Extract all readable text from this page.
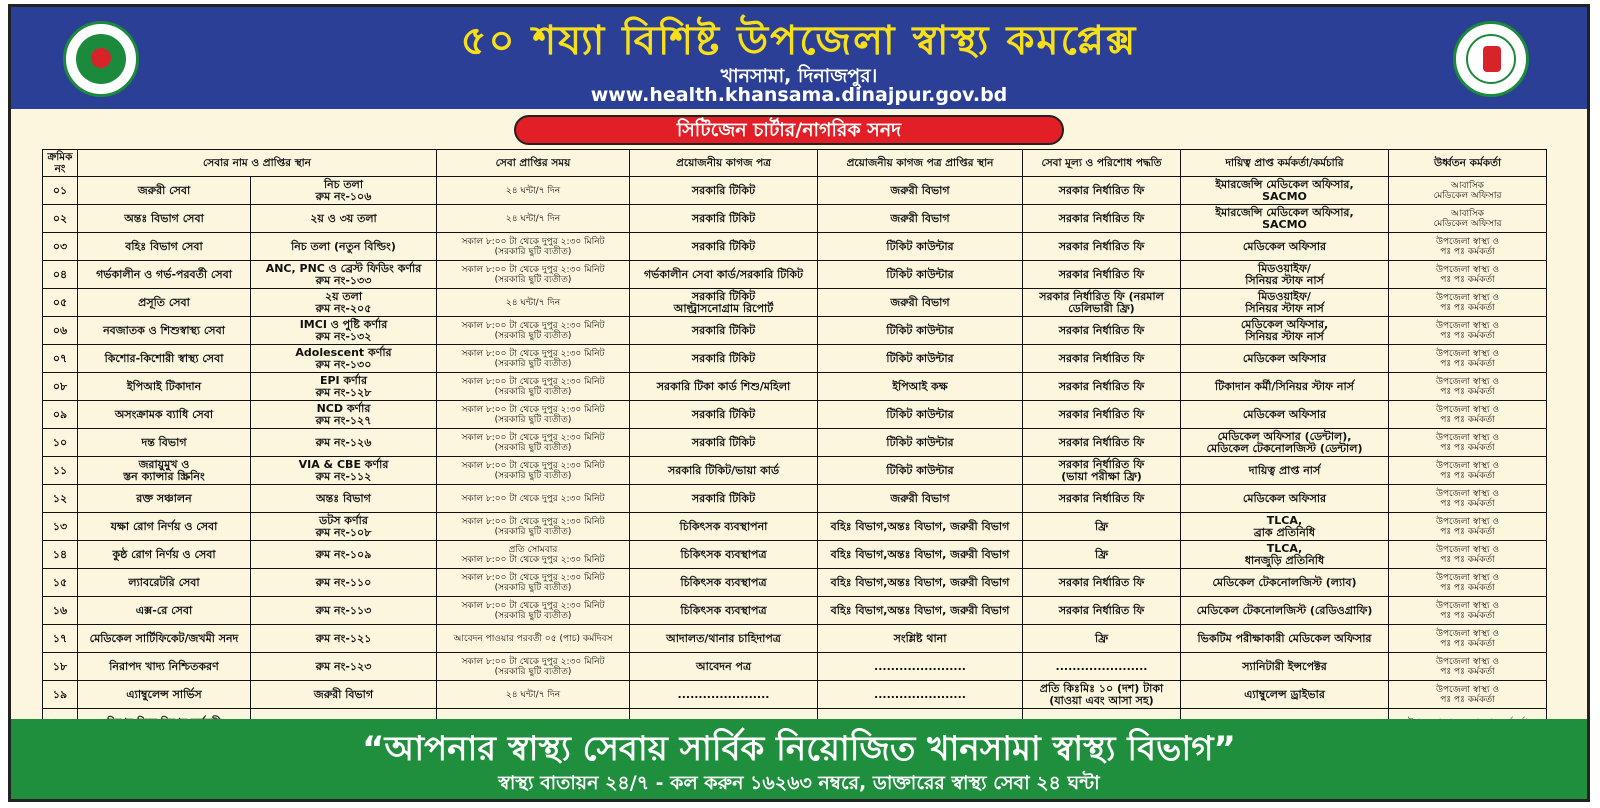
৫০ শয্যা বিশিষ্ট উপজেলা স্বাস্থ্য কমপ্লেক্স
খানসামা, দিনাজপুর।
www.health.khansama.dinajpur.gov.bd
সিটিজেন চার্টার/নাগরিক সনদ
ক্রমিক নং	সেবার নাম ও প্রাপ্তির স্থান		সেবা প্রাপ্তির সময়	প্রয়োজনীয় কাগজ পত্র	প্রয়োজনীয় কাগজ পত্র প্রাপ্তির স্থান	সেবা মূল্য ও পরিশোধ পদ্ধতি	দায়িত্ব প্রাপ্ত কর্মকর্তা/কর্মচারি	উর্ধ্বতন কর্মকর্তা
০১	জরুরী সেবা	নিচ তলা
রুম নং-১০৬	২৪ ঘন্টা/৭ দিন	সরকারি টিকিট	জরুরী বিভাগ	সরকার নির্ধারিত ফি	ইমারজেন্সি মেডিকেল অফিসার,
SACMO	আবাসিক
মেডিকেল অফিসার
০২	অন্তঃ বিভাগ সেবা	২য় ও ৩য় তলা	২৪ ঘন্টা/৭ দিন	সরকারি টিকিট	জরুরী বিভাগ	সরকার নির্ধারিত ফি	ইমারজেন্সি মেডিকেল অফিসার,
SACMO	আবাসিক
মেডিকেল অফিসার
০৩	বহিঃ বিভাগ সেবা	নিচ তলা (নতুন বিল্ডিং)	সকাল ৮:০০ টা থেকে দুপুর ২:৩০ মিনিট
(সরকারি ছুটি ব্যতীত)	সরকারি টিকিট	টিকিট কাউন্টার	সরকার নির্ধারিত ফি	মেডিকেল অফিসার	উপজেলা স্বাস্থ্য ও
পঃ পঃ কর্মকর্তা
০৪	গর্ভকালীন ও গর্ভ-পরবর্তী সেবা	ANC, PNC ও ব্রেস্ট ফিডিং কর্ণার
রুম নং-১৩৩	সকাল ৮:০০ টা থেকে দুপুর ২:৩০ মিনিট
(সরকারি ছুটি ব্যতীত)	গর্ভকালীন সেবা কার্ড/সরকারি টিকিট	টিকিট কাউন্টার	সরকার নির্ধারিত ফি	মিডওয়াইফ/
সিনিয়র স্টাফ নার্স	উপজেলা স্বাস্থ্য ও
পঃ পঃ কর্মকর্তা
০৫	প্রসূতি সেবা	২য় তলা
রুম নং-২০৫	২৪ ঘন্টা/৭ দিন	সরকারি টিকিট
আল্ট্রাসনোগ্রাম রিপোর্ট	জরুরী বিভাগ	সরকার নির্ধারিত ফি (নরমাল
ডেলিভারী ফ্রি)	মিডওয়াইফ/
সিনিয়র স্টাফ নার্স	উপজেলা স্বাস্থ্য ও
পঃ পঃ কর্মকর্তা
০৬	নবজাতক ও শিশুস্বাস্থ্য সেবা	IMCI ও পুষ্টি কর্ণার
রুম নং-১৩২	সকাল ৮:০০ টা থেকে দুপুর ২:৩০ মিনিট
(সরকারি ছুটি ব্যতীত)	সরকারি টিকিট	টিকিট কাউন্টার	সরকার নির্ধারিত ফি	মেডিকেল অফিসার,
সিনিয়র স্টাফ নার্স	উপজেলা স্বাস্থ্য ও
পঃ পঃ কর্মকর্তা
০৭	কিশোর-কিশোরী স্বাস্থ্য সেবা	Adolescent কর্ণার
রুম নং-১৩০	সকাল ৮:০০ টা থেকে দুপুর ২:৩০ মিনিট
(সরকারি ছুটি ব্যতীত)	সরকারি টিকিট	টিকিট কাউন্টার	সরকার নির্ধারিত ফি	মেডিকেল অফিসার	উপজেলা স্বাস্থ্য ও
পঃ পঃ কর্মকর্তা
০৮	ইপিআই টিকাদান	EPI কর্ণার
রুম নং-১২৮	সকাল ৮:০০ টা থেকে দুপুর ২:৩০ মিনিট
(সরকারি ছুটি ব্যতীত)	সরকারি টিকা কার্ড শিশু/মহিলা	ইপিআই কক্ষ	সরকার নির্ধারিত ফি	টিকাদান কর্মী/সিনিয়র স্টাফ নার্স	উপজেলা স্বাস্থ্য ও
পঃ পঃ কর্মকর্তা
০৯	অসংক্রামক ব্যাধি সেবা	NCD কর্ণার
রুম নং-১২৭	সকাল ৮:০০ টা থেকে দুপুর ২:৩০ মিনিট
(সরকারি ছুটি ব্যতীত)	সরকারি টিকিট	টিকিট কাউন্টার	সরকার নির্ধারিত ফি	মেডিকেল অফিসার	উপজেলা স্বাস্থ্য ও
পঃ পঃ কর্মকর্তা
১০	দন্ত বিভাগ	রুম নং-১২৬	সকাল ৮:০০ টা থেকে দুপুর ২:৩০ মিনিট
(সরকারি ছুটি ব্যতীত)	সরকারি টিকিট	টিকিট কাউন্টার	সরকার নির্ধারিত ফি	মেডিকেল অফিসার (ডেন্টাল),
মেডিকেল টেকনোলজিস্ট (ডেন্টাল)	উপজেলা স্বাস্থ্য ও
পঃ পঃ কর্মকর্তা
১১	জরায়ুমুখ ও
স্তন ক্যান্সার স্ক্রিনিং	VIA & CBE কর্ণার
রুম নং-১১২	সকাল ৮:০০ টা থেকে দুপুর ২:৩০ মিনিট
(সরকারি ছুটি ব্যতীত)	সরকারি টিকিট/ভায়া কার্ড	টিকিট কাউন্টার	সরকার নির্ধারিত ফি
(ভায়া পরীক্ষা ফ্রি)	দায়িত্ব প্রাপ্ত নার্স	উপজেলা স্বাস্থ্য ও
পঃ পঃ কর্মকর্তা
১২	রক্ত সঞ্চালন	অন্তঃ বিভাগ	সকাল ৮:০০ টা থেকে দুপুর ২:৩০ মিনিট	সরকারি টিকিট	জরুরী বিভাগ	সরকার নির্ধারিত ফি	মেডিকেল অফিসার	উপজেলা স্বাস্থ্য ও
পঃ পঃ কর্মকর্তা
১৩	যক্ষা রোগ নির্ণয় ও সেবা	ডটস কর্ণার
রুম নং-১০৮	সকাল ৮:০০ টা থেকে দুপুর ২:৩০ মিনিট
(সরকারি ছুটি ব্যতীত)	চিকিৎসক ব্যবস্থাপনা	বহিঃ বিভাগ,অন্তঃ বিভাগ, জরুরী বিভাগ	ফ্রি	TLCA,
ব্রাক প্রতিনিধি	উপজেলা স্বাস্থ্য ও
পঃ পঃ কর্মকর্তা
১৪	কুষ্ঠ রোগ নির্ণয় ও সেবা	রুম নং-১০৯	প্রতি সোমবার
সকাল ৮:০০ টা থেকে দুপুর ২:৩০ মিনিট	চিকিৎসক ব্যবস্থাপত্র	বহিঃ বিভাগ,অন্তঃ বিভাগ, জরুরী বিভাগ	ফ্রি	TLCA,
ধানজুড়ি প্রতিনিধি	উপজেলা স্বাস্থ্য ও
পঃ পঃ কর্মকর্তা
১৫	ল্যাবরেটরি সেবা	রুম নং-১১০	সকাল ৮:০০ টা থেকে দুপুর ২:৩০ মিনিট
(সরকারি ছুটি ব্যতীত)	চিকিৎসক ব্যবস্থাপত্র	বহিঃ বিভাগ,অন্তঃ বিভাগ, জরুরী বিভাগ	সরকার নির্ধারিত ফি	মেডিকেল টেকনোলজিস্ট (ল্যাব)	উপজেলা স্বাস্থ্য ও
পঃ পঃ কর্মকর্তা
১৬	এক্স-রে সেবা	রুম নং-১১৩	সকাল ৮:০০ টা থেকে দুপুর ২:৩০ মিনিট
(সরকারি ছুটি ব্যতীত)	চিকিৎসক ব্যবস্থাপত্র	বহিঃ বিভাগ,অন্তঃ বিভাগ, জরুরী বিভাগ	সরকার নির্ধারিত ফি	মেডিকেল টেকনোলজিস্ট (রেডিওগ্রাফি)	উপজেলা স্বাস্থ্য ও
পঃ পঃ কর্মকর্তা
১৭	মেডিকেল সার্টিফিকেট/জখমী সনদ	রুম নং-১২১	আবেদন পাওয়ার পরবর্তী ০৫ (পাচ) কর্মদিবস	আদালত/থানার চাহিদাপত্র	সংশ্লিষ্ট থানা	ফ্রি	ভিকটিম পরীক্ষাকারী মেডিকেল অফিসার	উপজেলা স্বাস্থ্য ও
পঃ পঃ কর্মকর্তা
১৮	নিরাপদ খাদ্য নিশ্চিতকরণ	রুম নং-১২৩	সকাল ৮:০০ টা থেকে দুপুর ২:৩০ মিনিট
(সরকারি ছুটি ব্যতীত)	আবেদন পত্র	......................	......................	স্যানিটারী ইন্সপেক্টর	উপজেলা স্বাস্থ্য ও
পঃ পঃ কর্মকর্তা
১৯	এ্যাম্বুলেন্স সার্ভিস	জরুরী বিভাগ	২৪ ঘন্টা/৭ দিন	......................	......................	প্রতি কিঃমিঃ ১০ (দশ) টাকা
(যাওয়া এবং আসা সহ)	এ্যাম্বুলেন্স ড্রাইভার	উপজেলা স্বাস্থ্য ও
পঃ পঃ কর্মকর্তা

“আপনার স্বাস্থ্য সেবায় সার্বিক নিয়োজিত খানসামা স্বাস্থ্য বিভাগ”
স্বাস্থ্য বাতায়ন ২৪/৭ - কল করুন ১৬২৬৩ নম্বরে, ডাক্তারের স্বাস্থ্য সেবা ২৪ ঘন্টা
